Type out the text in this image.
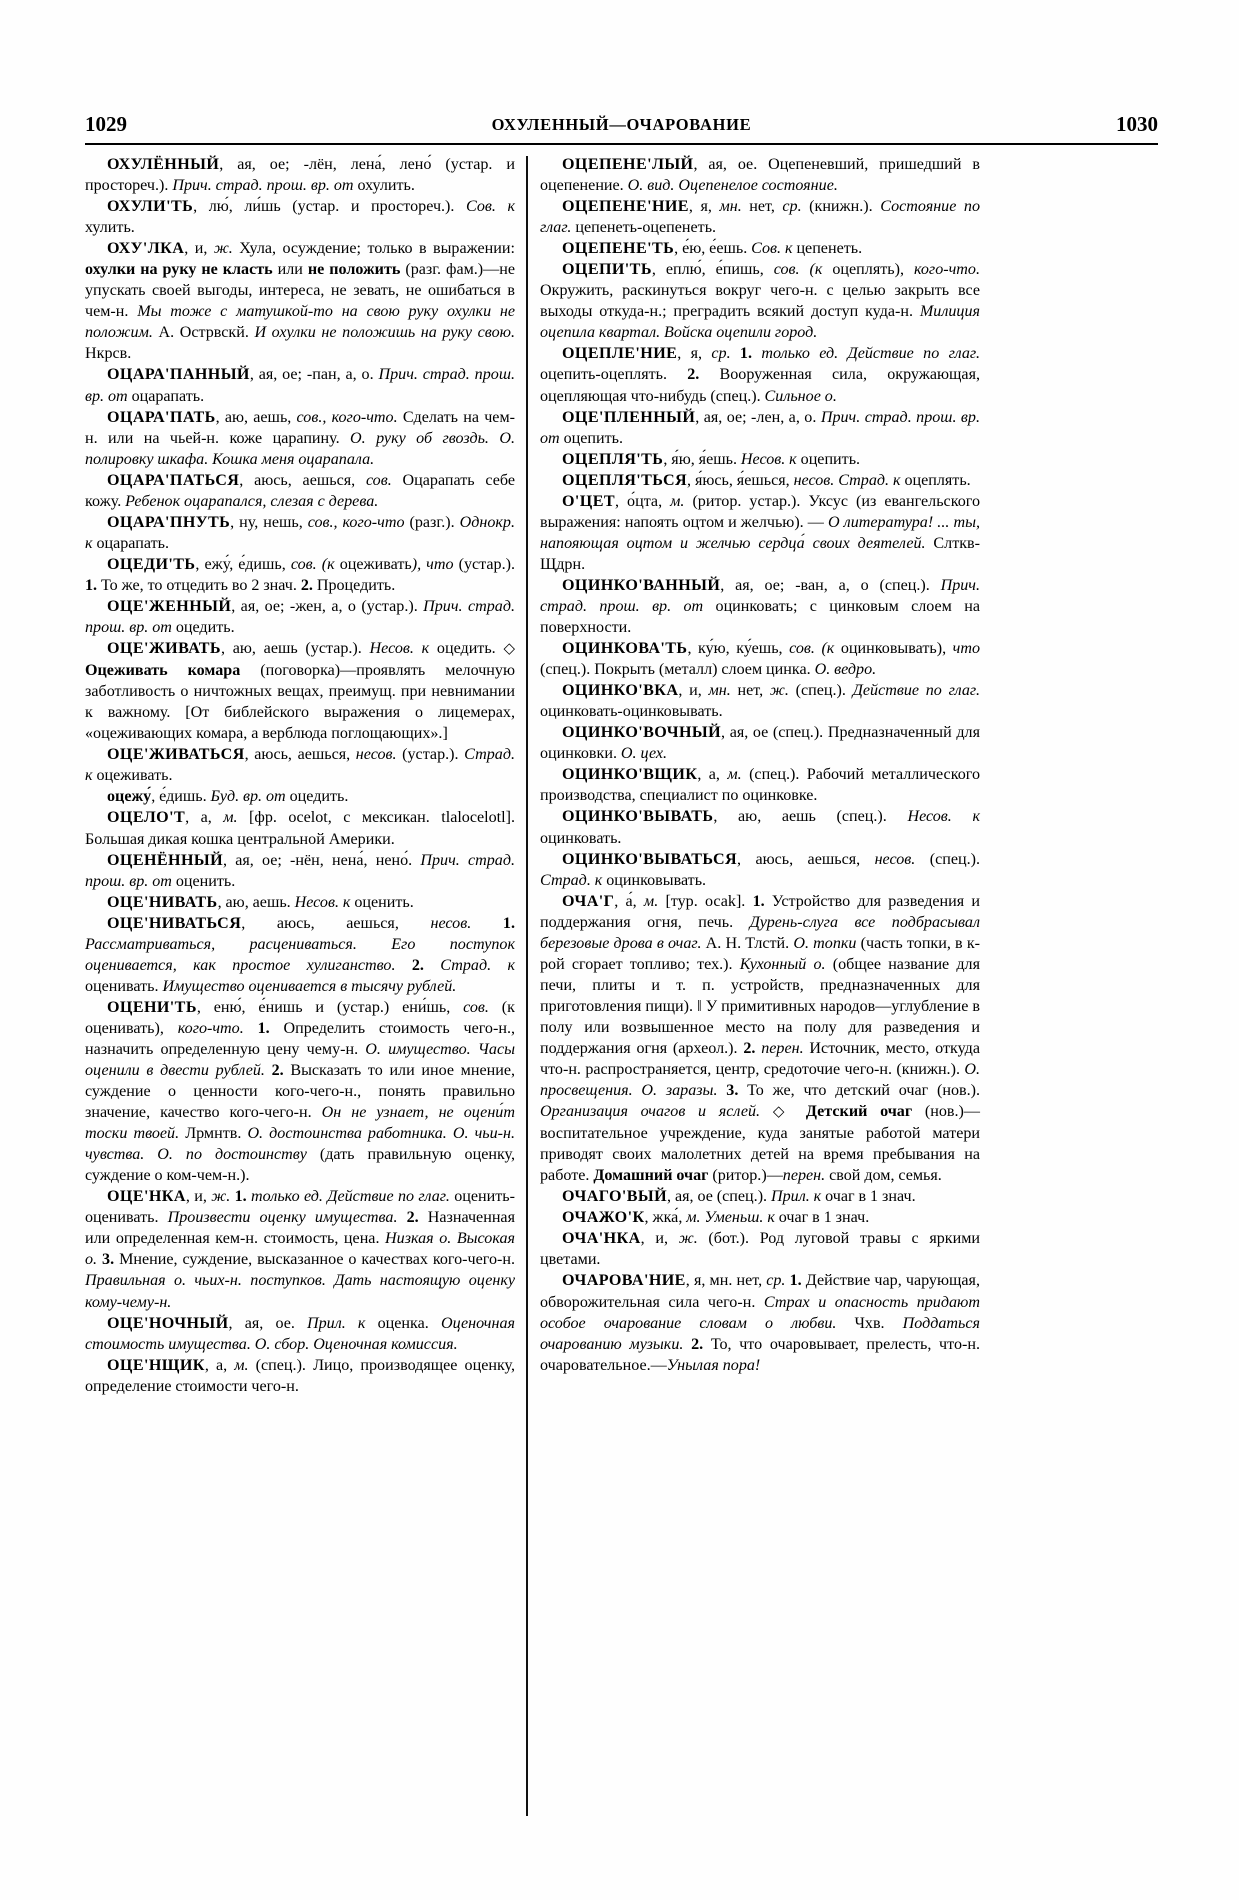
1029	ОХУЛЕННЫЙ—ОЧАРОВАНИЕ	1030

ОХУЛЁННЫЙ, ая, ое; -лён, лена́, лено́ (устар. и простореч.). Прич. страд. прош. вр. от охулить.

ОХУЛИ'ТЬ, лю́, ли́шь (устар. и простореч.). Сов. к хулить.

ОХУ'ЛКА, и, ж. Хула, осуждение; только в выражении: охулки на руку не класть или не положить (разг. фам.)—не упускать своей выгоды, интереса, не зевать, не ошибаться в чем-н. Мы тоже с матушкой-то на свою руку охулки не положим. А. Острвскй. И охулки не положишь на руку свою. Нкрсв.

ОЦАРА'ПАННЫЙ, ая, ое; -пан, а, о. Прич. страд. прош. вр. от оцарапать.

ОЦАРА'ПАТЬ, аю, аешь, сов., кого-что. Сделать на чем-н. или на чьей-н. коже царапину. О. руку об гвоздь. О. полировку шкафа. Кошка меня оцарапала.

ОЦАРА'ПАТЬСЯ, аюсь, аешься, сов. Оцарапать себе кожу. Ребенок оцарапался, слезая с дерева.

ОЦАРА'ПНУТЬ, ну, нешь, сов., кого-что (разг.). Однокр. к оцарапать.

ОЦЕДИ'ТЬ, ежу́, е́дишь, сов. (к оцеживать), что (устар.). 1. То же, то отцедить во 2 знач. 2. Процедить.

ОЦЕ'ЖЕННЫЙ, ая, ое; -жен, а, о (устар.). Прич. страд. прош. вр. от оцедить.

ОЦЕ'ЖИВАТЬ, аю, аешь (устар.). Несов. к оцедить. ◇ Оцеживать комара (поговорка)—проявлять мелочную заботливость о ничтожных вещах, преимущ. при невнимании к важному. [От библейского выражения о лицемерах, «оцеживающих комара, а верблюда поглощающих».]

ОЦЕ'ЖИВАТЬСЯ, аюсь, аешься, несов. (устар.). Страд. к оцеживать.

оцежу́, е́дишь. Буд. вр. от оцедить.

ОЦЕЛО'Т, а, м. [фр. ocelot, с мексикан. tlalocelotl]. Большая дикая кошка центральной Америки.

ОЦЕНЁННЫЙ, ая, ое; -нён, нена́, нено́. Прич. страд. прош. вр. от оценить.

ОЦЕ'НИВАТЬ, аю, аешь. Несов. к оценить.

ОЦЕ'НИВАТЬСЯ, аюсь, аешься, несов. 1. Рассматриваться, расцениваться. Его поступок оценивается, как простое хулиганство. 2. Страд. к оценивать. Имущество оценивается в тысячу рублей.

ОЦЕНИ'ТЬ, еню́, е́нишь и (устар.) ени́шь, сов. (к оценивать), кого-что. 1. Определить стоимость чего-н., назначить определенную цену чему-н. О. имущество. Часы оценили в двести рублей. 2. Высказать то или иное мнение, суждение о ценности кого-чего-н., понять правильно значение, качество кого-чего-н. Он не узнает, не оцени́т тоски твоей. Лрмнтв. О. достоинства работника. О. чьи-н. чувства. О. по достоинству (дать правильную оценку, суждение о ком-чем-н.).

ОЦЕ'НКА, и, ж. 1. только ед. Действие по глаг. оценить-оценивать. Произвести оценку имущества. 2. Назначенная или определенная кем-н. стоимость, цена. Низкая о. Высокая о. 3. Мнение, суждение, высказанное о качествах кого-чего-н. Правильная о. чьих-н. поступков. Дать настоящую оценку кому-чему-н.

ОЦЕ'НОЧНЫЙ, ая, ое. Прил. к оценка. Оценочная стоимость имущества. О. сбор. Оценочная комиссия.

ОЦЕ'НЩИК, а, м. (спец.). Лицо, производящее оценку, определение стоимости чего-н.

ОЦЕПЕНЕ'ЛЫЙ, ая, ое. Оцепеневший, пришедший в оцепенение. О. вид. Оцепенелое состояние.

ОЦЕПЕНЕ'НИЕ, я, мн. нет, ср. (книжн.). Состояние по глаг. цепенеть-оцепенеть.

ОЦЕПЕНЕ'ТЬ, е́ю, е́ешь. Сов. к цепенеть.

ОЦЕПИ'ТЬ, еплю́, е́пишь, сов. (к оцеплять), кого-что. Окружить, раскинуться вокруг чего-н. с целью закрыть все выходы откуда-н.; преградить всякий доступ куда-н. Милиция оцепила квартал. Войска оцепили город.

ОЦЕПЛЕ'НИЕ, я, ср. 1. только ед. Действие по глаг. оцепить-оцеплять. 2. Вооруженная сила, окружающая, оцепляющая что-нибудь (спец.). Сильное о.

ОЦЕ'ПЛЕННЫЙ, ая, ое; -лен, а, о. Прич. страд. прош. вр. от оцепить.

ОЦЕПЛЯ'ТЬ, я́ю, я́ешь. Несов. к оцепить.

ОЦЕПЛЯ'ТЬСЯ, я́юсь, я́ешься, несов. Страд. к оцеплять.

О'ЦЕТ, о́цта, м. (ритор. устар.). Уксус (из евангельского выражения: напоять оцтом и желчью). — О литература! ... ты, напояющая оцтом и желчью сердца́ своих деятелей. Слткв-Щдрн.

ОЦИНКО'ВАННЫЙ, ая, ое; -ван, а, о (спец.). Прич. страд. прош. вр. от оцинковать; с цинковым слоем на поверхности.

ОЦИНКОВА'ТЬ, ку́ю, ку́ешь, сов. (к оцинковывать), что (спец.). Покрыть (металл) слоем цинка. О. ведро.

ОЦИНКО'ВКА, и, мн. нет, ж. (спец.). Действие по глаг. оцинковать-оцинковывать.

ОЦИНКО'ВОЧНЫЙ, ая, ое (спец.). Предназначенный для оцинковки. О. цех.

ОЦИНКО'ВЩИК, а, м. (спец.). Рабочий металлического производства, специалист по оцинковке.

ОЦИНКО'ВЫВАТЬ, аю, аешь (спец.). Несов. к оцинковать.

ОЦИНКО'ВЫВАТЬСЯ, аюсь, аешься, несов. (спец.). Страд. к оцинковывать.

ОЧА'Г, а́, м. [тур. осаk]. 1. Устройство для разведения и поддержания огня, печь. Дурень-слуга все подбрасывал березовые дрова в очаг. А. Н. Тлстй. О. топки (часть топки, в к-рой сгорает топливо; тех.). Кухонный о. (общее название для печи, плиты и т. п. устройств, предназначенных для приготовления пищи). ‖ У примитивных народов—углубление в полу или возвышенное место на полу для разведения и поддержания огня (археол.). 2. перен. Источник, место, откуда что-н. распространяется, центр, средоточие чего-н. (книжн.). О. просвещения. О. заразы. 3. То же, что детский очаг (нов.). Организация очагов и яслей. ◇ Детский очаг (нов.)—воспитательное учреждение, куда занятые работой матери приводят своих малолетних детей на время пребывания на работе. Домашний очаг (ритор.)—перен. свой дом, семья.

ОЧАГО'ВЫЙ, ая, ое (спец.). Прил. к очаг в 1 знач.

ОЧАЖО'К, жка́, м. Уменьш. к очаг в 1 знач.

ОЧА'НКА, и, ж. (бот.). Род луговой травы с яркими цветами.

ОЧАРОВА'НИЕ, я, мн. нет, ср. 1. Действие чар, чарующая, обворожительная сила чего-н. Страх и опасность придают особое очарование словам о любви. Чхв. Поддаться очарованию музыки. 2. То, что очаровывает, прелесть, что-н. очаровательное.—Унылая пора!
